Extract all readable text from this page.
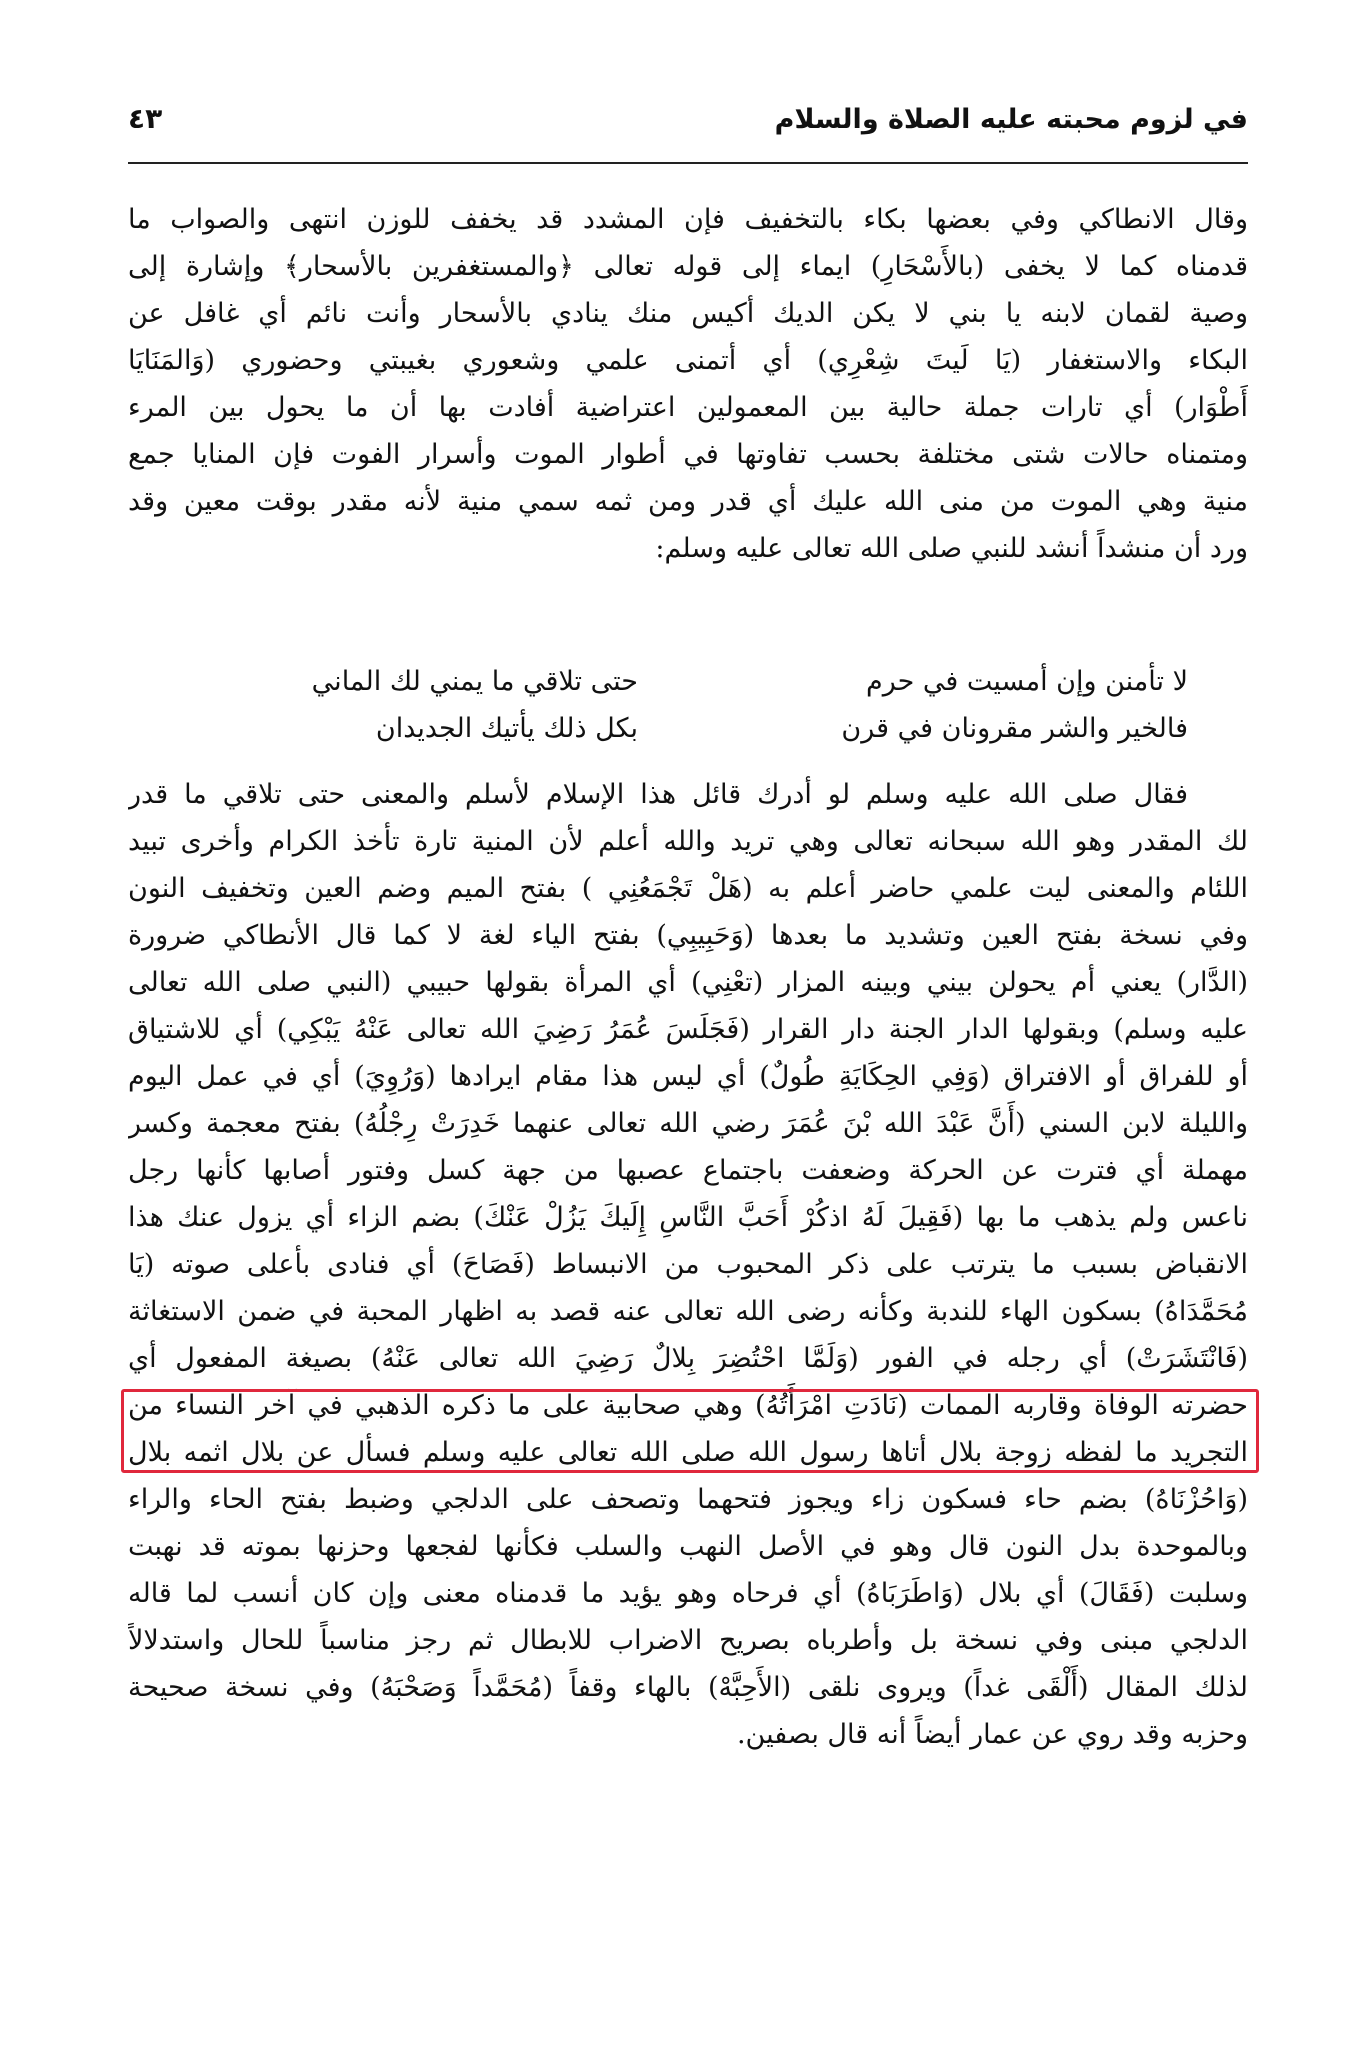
في لزوم محبته عليه الصلاة والسلام
٤٣
وقال الانطاكي وفي بعضها بكاء بالتخفيف فإن المشدد قد يخفف للوزن انتهى والصواب ما
قدمناه كما لا يخفى (بالأَسْحَارِ) ايماء إلى قوله تعالى ﴿والمستغفرين بالأسحار﴾ وإشارة إلى
وصية لقمان لابنه يا بني لا يكن الديك أكيس منك ينادي بالأسحار وأنت نائم أي غافل عن
البكاء والاستغفار (يَا لَيتَ شِعْرِي) أي أتمنى علمي وشعوري بغيبتي وحضوري (وَالمَنَايَا
أَطْوَار) أي تارات جملة حالية بين المعمولين اعتراضية أفادت بها أن ما يحول بين المرء
ومتمناه حالات شتى مختلفة بحسب تفاوتها في أطوار الموت وأسرار الفوت فإن المنايا جمع
منية وهي الموت من منى الله عليك أي قدر ومن ثمه سمي منية لأنه مقدر بوقت معين وقد
ورد أن منشداً أنشد للنبي صلى الله تعالى عليه وسلم:
لا تأمنن وإن أمسيت في حرم
حتى تلاقي ما يمني لك الماني
فالخير والشر مقرونان في قرن
بكل ذلك يأتيك الجديدان
فقال صلى الله عليه وسلم لو أدرك قائل هذا الإسلام لأسلم والمعنى حتى تلاقي ما قدر
لك المقدر وهو الله سبحانه تعالى وهي تريد والله أعلم لأن المنية تارة تأخذ الكرام وأخرى تبيد
اللئام والمعنى ليت علمي حاضر أعلم به (هَلْ تَجْمَعُنِي ) بفتح الميم وضم العين وتخفيف النون
وفي نسخة بفتح العين وتشديد ما بعدها (وَحَبِيبِي) بفتح الياء لغة لا كما قال الأنطاكي ضرورة
(الدَّار) يعني أم يحولن بيني وبينه المزار (تعْنِي) أي المرأة بقولها حبيبي (النبي صلى الله تعالى
عليه وسلم) وبقولها الدار الجنة دار القرار (فَجَلَسَ عُمَرُ رَضِيَ الله تعالى عَنْهُ يَبْكِي) أي للاشتياق
أو للفراق أو الافتراق (وَفِي الحِكَايَةِ طُولٌ) أي ليس هذا مقام ايرادها (وَرُوِيَ) أي في عمل اليوم
والليلة لابن السني (أَنَّ عَبْدَ الله بْنَ عُمَرَ رضي الله تعالى عنهما خَدِرَتْ رِجْلُهُ) بفتح معجمة وكسر
مهملة أي فترت عن الحركة وضعفت باجتماع عصبها من جهة كسل وفتور أصابها كأنها رجل
ناعس ولم يذهب ما بها (فَقِيلَ لَهُ اذكُرْ أَحَبَّ النَّاسِ إِلَيكَ يَزُلْ عَنْكَ) بضم الزاء أي يزول عنك هذا
الانقباض بسبب ما يترتب على ذكر المحبوب من الانبساط (فَصَاحَ) أي فنادى بأعلى صوته (يَا
مُحَمَّدَاهُ) بسكون الهاء للندبة وكأنه رضى الله تعالى عنه قصد به اظهار المحبة في ضمن الاستغاثة
(فَانْتَشَرَتْ) أي رجله في الفور (وَلَمَّا احْتُضِرَ بِلالٌ رَضِيَ الله تعالى عَنْهُ) بصيغة المفعول أي
حضرته الوفاة وقاربه الممات (نَادَتِ امْرَأَتُهُ) وهي صحابية على ما ذكره الذهبي في آخر النساء من
التجريد ما لفظه زوجة بلال أتاها رسول الله صلى الله تعالى عليه وسلم فسأل عن بلال اثمه بلال
(وَاحُزْنَاهُ) بضم حاء فسكون زاء ويجوز فتحهما وتصحف على الدلجي وضبط بفتح الحاء والراء
وبالموحدة بدل النون قال وهو في الأصل النهب والسلب فكأنها لفجعها وحزنها بموته قد نهبت
وسلبت (فَقَالَ) أي بلال (وَاطَرَبَاهُ) أي فرحاه وهو يؤيد ما قدمناه معنى وإن كان أنسب لما قاله
الدلجي مبنى وفي نسخة بل وأطرباه بصريح الاضراب للابطال ثم رجز مناسباً للحال واستدلالاً
لذلك المقال (أَلْقَى غداً) ويروى نلقى (الأَحِبَّهْ) بالهاء وقفاً (مُحَمَّداً وَصَحْبَهُ) وفي نسخة صحيحة
وحزبه وقد روي عن عمار أيضاً أنه قال بصفين.
